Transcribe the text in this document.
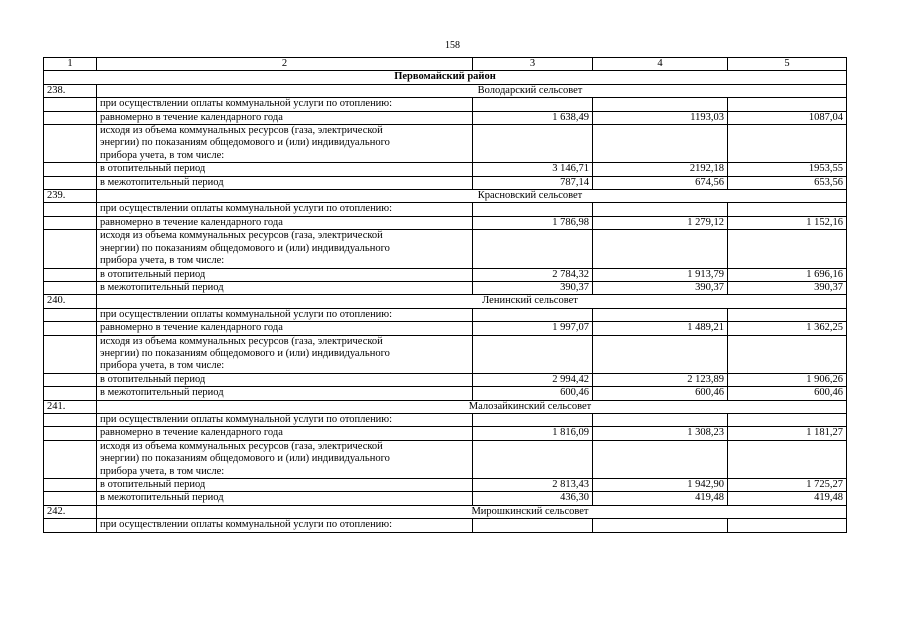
158
1	2	3	4	5
Первомайский район				
238.	Володарский сельсовет			
	при осуществлении оплаты коммунальной услуги по отоплению:			
	равномерно в течение календарного года	1 638,49	1193,03	1087,04

	исходя из объема коммунальных ресурсов (газа, электрической
энергии) по показаниям общедомового и (или) индивидуального
прибора учета, в том числе:			

	в отопительный период	3 146,71	2192,18	1953,55
	в межотопительный период	787,14	674,56	653,56
239.	Красновский сельсовет			
	при осуществлении оплаты коммунальной услуги по отоплению:			
	равномерно в течение календарного года	1 786,98	1 279,12	1 152,16

	исходя из объема коммунальных ресурсов (газа, электрической
энергии) по показаниям общедомового и (или) индивидуального
прибора учета, в том числе:			

	в отопительный период	2 784,32	1 913,79	1 696,16
	в межотопительный период	390,37	390,37	390,37
240.	Ленинский сельсовет			
	при осуществлении оплаты коммунальной услуги по отоплению:			
	равномерно в течение календарного года	1 997,07	1 489,21	1 362,25

	исходя из объема коммунальных ресурсов (газа, электрической
энергии) по показаниям общедомового и (или) индивидуального
прибора учета, в том числе:			

	в отопительный период	2 994,42	2 123,89	1 906,26
	в межотопительный период	600,46	600,46	600,46
241.	Малозайкинский сельсовет			
	при осуществлении оплаты коммунальной услуги по отоплению:			
	равномерно в течение календарного года	1 816,09	1 308,23	1 181,27

	исходя из объема коммунальных ресурсов (газа, электрической
энергии) по показаниям общедомового и (или) индивидуального
прибора учета, в том числе:			

	в отопительный период	2 813,43	1 942,90	1 725,27
	в межотопительный период	436,30	419,48	419,48
242.	Мирошкинский сельсовет			
	при осуществлении оплаты коммунальной услуги по отоплению:			
